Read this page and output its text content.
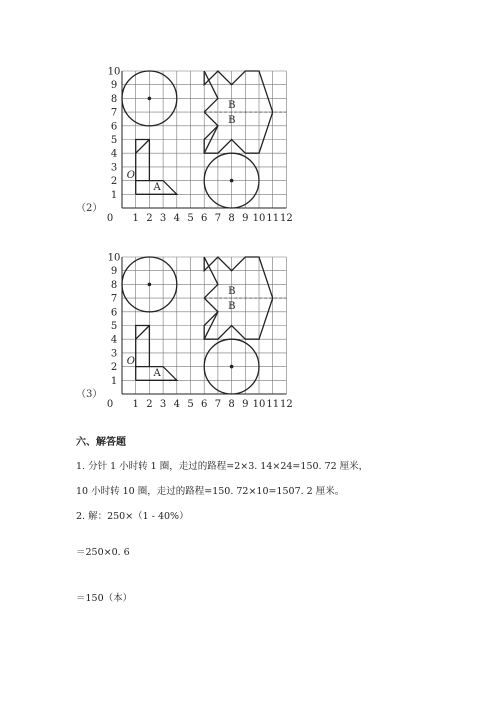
0 1 2 3 4 5 6 7 8 9 10 11 12
1
2
3
4
5
6
7
8
9
10
A
O
B
B
（2）
0 1 2 3 4 5 6 7 8 9 10 11 12
1
2
3
4
5
6
7
8
9
10
A
O
B
B
（3）
六、解答题
1. 分针 1 小时转 1 圈，走过的路程=2×3. 14×24=150. 72 厘米，
10 小时转 10 圈，走过的路程=150. 72×10=1507. 2 厘米。
2. 解：250×（1 - 40%）
＝250×0. 6
＝150（本）
